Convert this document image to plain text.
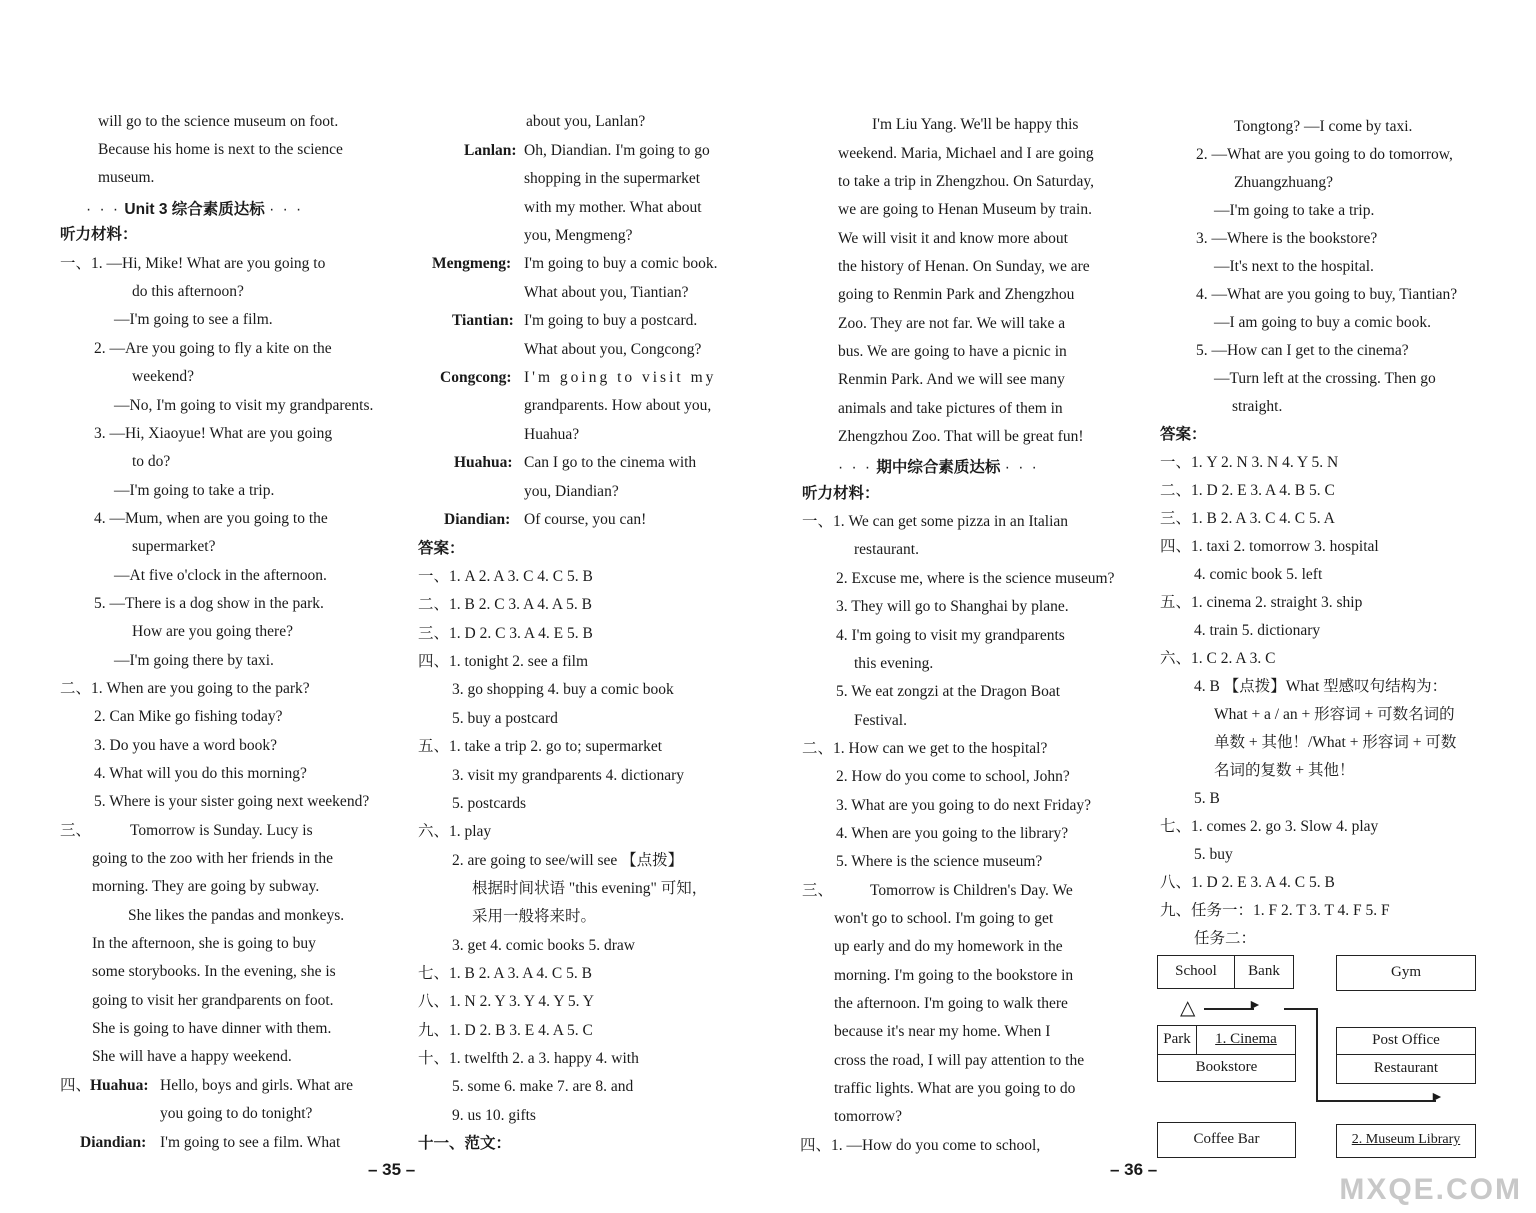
will go to the science museum on foot.
Because his home is next to the science
museum.
· · · Unit 3 综合素质达标 · · ·
听力材料：
一、1. —Hi, Mike! What are you going to
do this afternoon?
—I'm going to see a film.
2. —Are you going to fly a kite on the
weekend?
—No, I'm going to visit my grandparents.
3. —Hi, Xiaoyue! What are you going
to do?
—I'm going to take a trip.
4. —Mum, when are you going to the
supermarket?
—At five o'clock in the afternoon.
5. —There is a dog show in the park.
How are you going there?
—I'm going there by taxi.
二、1. When are you going to the park?
2. Can Mike go fishing today?
3. Do you have a word book?
4. What will you do this morning?
5. Where is your sister going next weekend?
三、	Tomorrow is Sunday. Lucy is
going to the zoo with her friends in the
morning. They are going by subway.
She likes the pandas and monkeys.
In the afternoon, she is going to buy
some storybooks. In the evening, she is
going to visit her grandparents on foot.
She is going to have dinner with them.
She will have a happy weekend.
四、
Huahua: Hello, boys and girls. What are
you going to do tonight?
Diandian: I'm going to see a film. What
about you, Lanlan?
Lanlan: Oh, Diandian. I'm going to go
shopping in the supermarket
with my mother. What about
you, Mengmeng?
Mengmeng: I'm going to buy a comic book.
What about you, Tiantian?
Tiantian: I'm going to buy a postcard.
What about you, Congcong?
Congcong: I'm going to visit my
grandparents. How about you,
Huahua?
Huahua: Can I go to the cinema with
you, Diandian?
Diandian: Of course, you can!
答案：
一、1. A 2. A 3. C 4. C 5. B
二、1. B 2. C 3. A 4. A 5. B
三、1. D 2. C 3. A 4. E 5. B
四、1. tonight 2. see a film
3. go shopping 4. buy a comic book
5. buy a postcard
五、1. take a trip 2. go to; supermarket
3. visit my grandparents 4. dictionary
5. postcards
六、1. play
2. are going to see/will see 【点拨】
根据时间状语 "this evening" 可知，
采用一般将来时。
3. get 4. comic books 5. draw
七、1. B 2. A 3. A 4. C 5. B
八、1. N 2. Y 3. Y 4. Y 5. Y
九、1. D 2. B 3. E 4. A 5. C
十、1. twelfth 2. a 3. happy 4. with
5. some 6. make 7. are 8. and
9. us 10. gifts
十一、范文：
I'm Liu Yang. We'll be happy this
weekend. Maria, Michael and I are going
to take a trip in Zhengzhou. On Saturday,
we are going to Henan Museum by train.
We will visit it and know more about
the history of Henan. On Sunday, we are
going to Renmin Park and Zhengzhou
Zoo. They are not far. We will take a
bus. We are going to have a picnic in
Renmin Park. And we will see many
animals and take pictures of them in
Zhengzhou Zoo. That will be great fun!
· · · 期中综合素质达标 · · ·
听力材料：
一、1. We can get some pizza in an Italian
restaurant.
2. Excuse me, where is the science museum?
3. They will go to Shanghai by plane.
4. I'm going to visit my grandparents
this evening.
5. We eat zongzi at the Dragon Boat
Festival.
二、1. How can we get to the hospital?
2. How do you come to school, John?
3. What are you going to do next Friday?
4. When are you going to the library?
5. Where is the science museum?
三、 Tomorrow is Children's Day. We
won't go to school. I'm going to get
up early and do my homework in the
morning. I'm going to the bookstore in
the afternoon. I'm going to walk there
because it's near my home. When I
cross the road, I will pay attention to the
traffic lights. What are you going to do
tomorrow?
四、1. —How do you come to school,
Tongtong? —I come by taxi.
2. —What are you going to do tomorrow,
Zhuangzhuang?
—I'm going to take a trip.
3. —Where is the bookstore?
—It's next to the hospital.
4. —What are you going to buy, Tiantian?
—I am going to buy a comic book.
5. —How can I get to the cinema?
—Turn left at the crossing. Then go
straight.
答案：
一、1. Y 2. N 3. N 4. Y 5. N
二、1. D 2. E 3. A 4. B 5. C
三、1. B 2. A 3. C 4. C 5. A
四、1. taxi 2. tomorrow 3. hospital
4. comic book 5. left
五、1. cinema 2. straight 3. ship
4. train 5. dictionary
六、1. C 2. A 3. C
4. B 【点拨】What 型感叹句结构为：
What + a / an + 形容词 + 可数名词的
单数 + 其他！/What + 形容词 + 可数
名词的复数 + 其他！
5. B
七、1. comes 2. go 3. Slow 4. play
5. buy
八、1. D 2. E 3. A 4. C 5. B
九、任务一：1. F 2. T 3. T 4. F 5. F
任务二：
School	Bank	Gym
△	►
►
Park	1. Cinema
Bookstore
Post Office
Restaurant
Coffee Bar	2. Museum Library
– 35 –	– 36 –
MXQE.COM
